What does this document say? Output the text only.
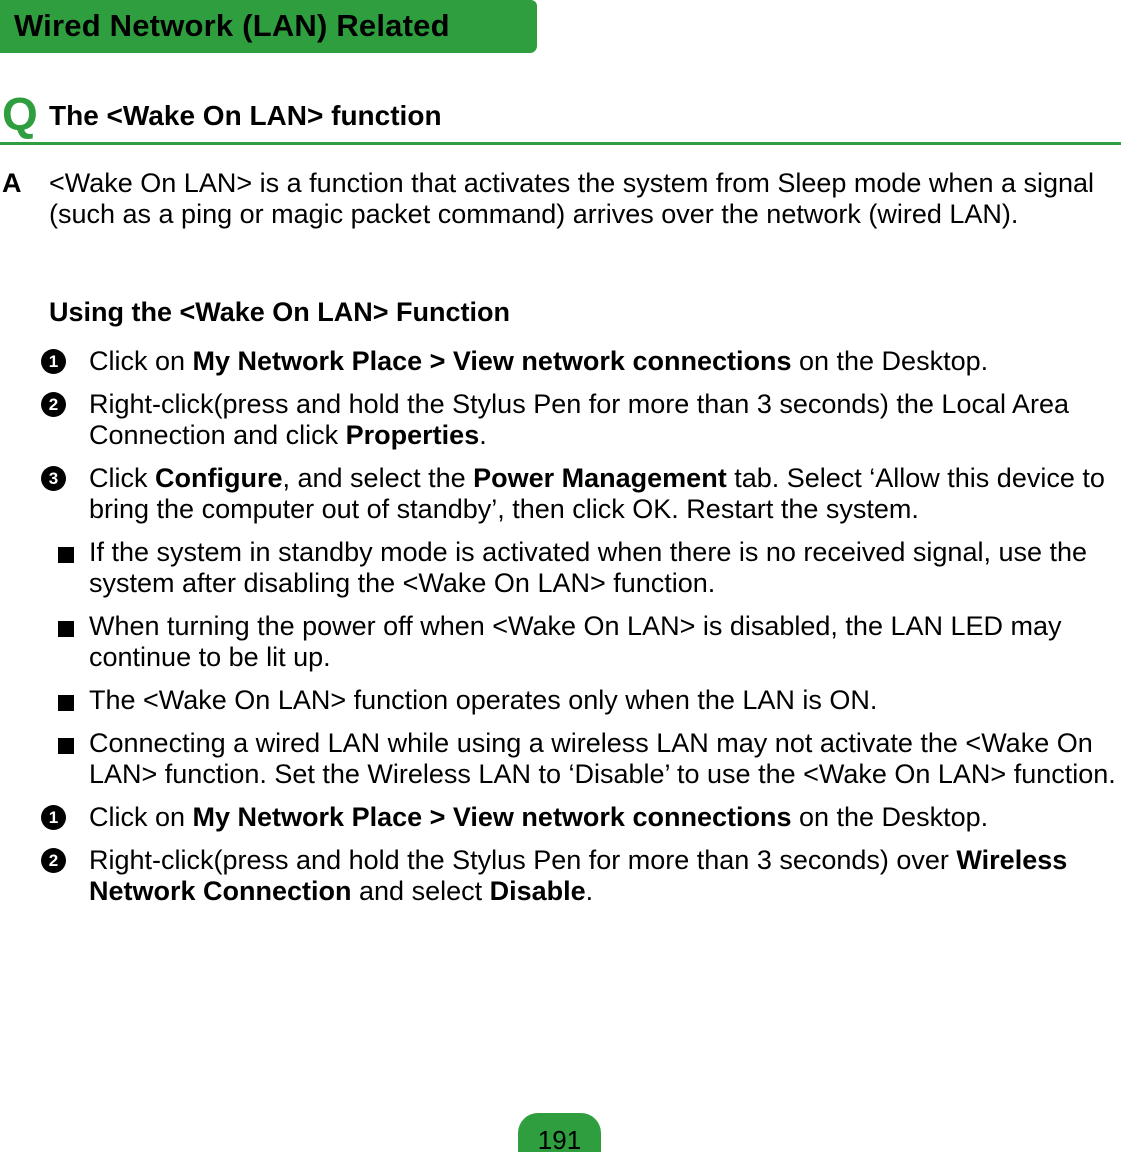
Wired Network (LAN) Related
Q The <Wake On LAN> function
A <Wake On LAN> is a function that activates the system from Sleep mode when a signal (such as a ping or magic packet command) arrives over the network (wired LAN).
Using the <Wake On LAN> Function
1 Click on My Network Place > View network connections on the Desktop.
2 Right-click(press and hold the Stylus Pen for more than 3 seconds) the Local Area Connection and click Properties.
3 Click Configure, and select the Power Management tab. Select ‘Allow this device to bring the computer out of standby’, then click OK. Restart the system.
If the system in standby mode is activated when there is no received signal, use the system after disabling the <Wake On LAN> function.
When turning the power off when <Wake On LAN> is disabled, the LAN LED may continue to be lit up.
The <Wake On LAN> function operates only when the LAN is ON.
Connecting a wired LAN while using a wireless LAN may not activate the <Wake On LAN> function. Set the Wireless LAN to ‘Disable’ to use the <Wake On LAN> function.
1 Click on My Network Place > View network connections on the Desktop.
2 Right-click(press and hold the Stylus Pen for more than 3 seconds) over Wireless Network Connection and select Disable.
191
